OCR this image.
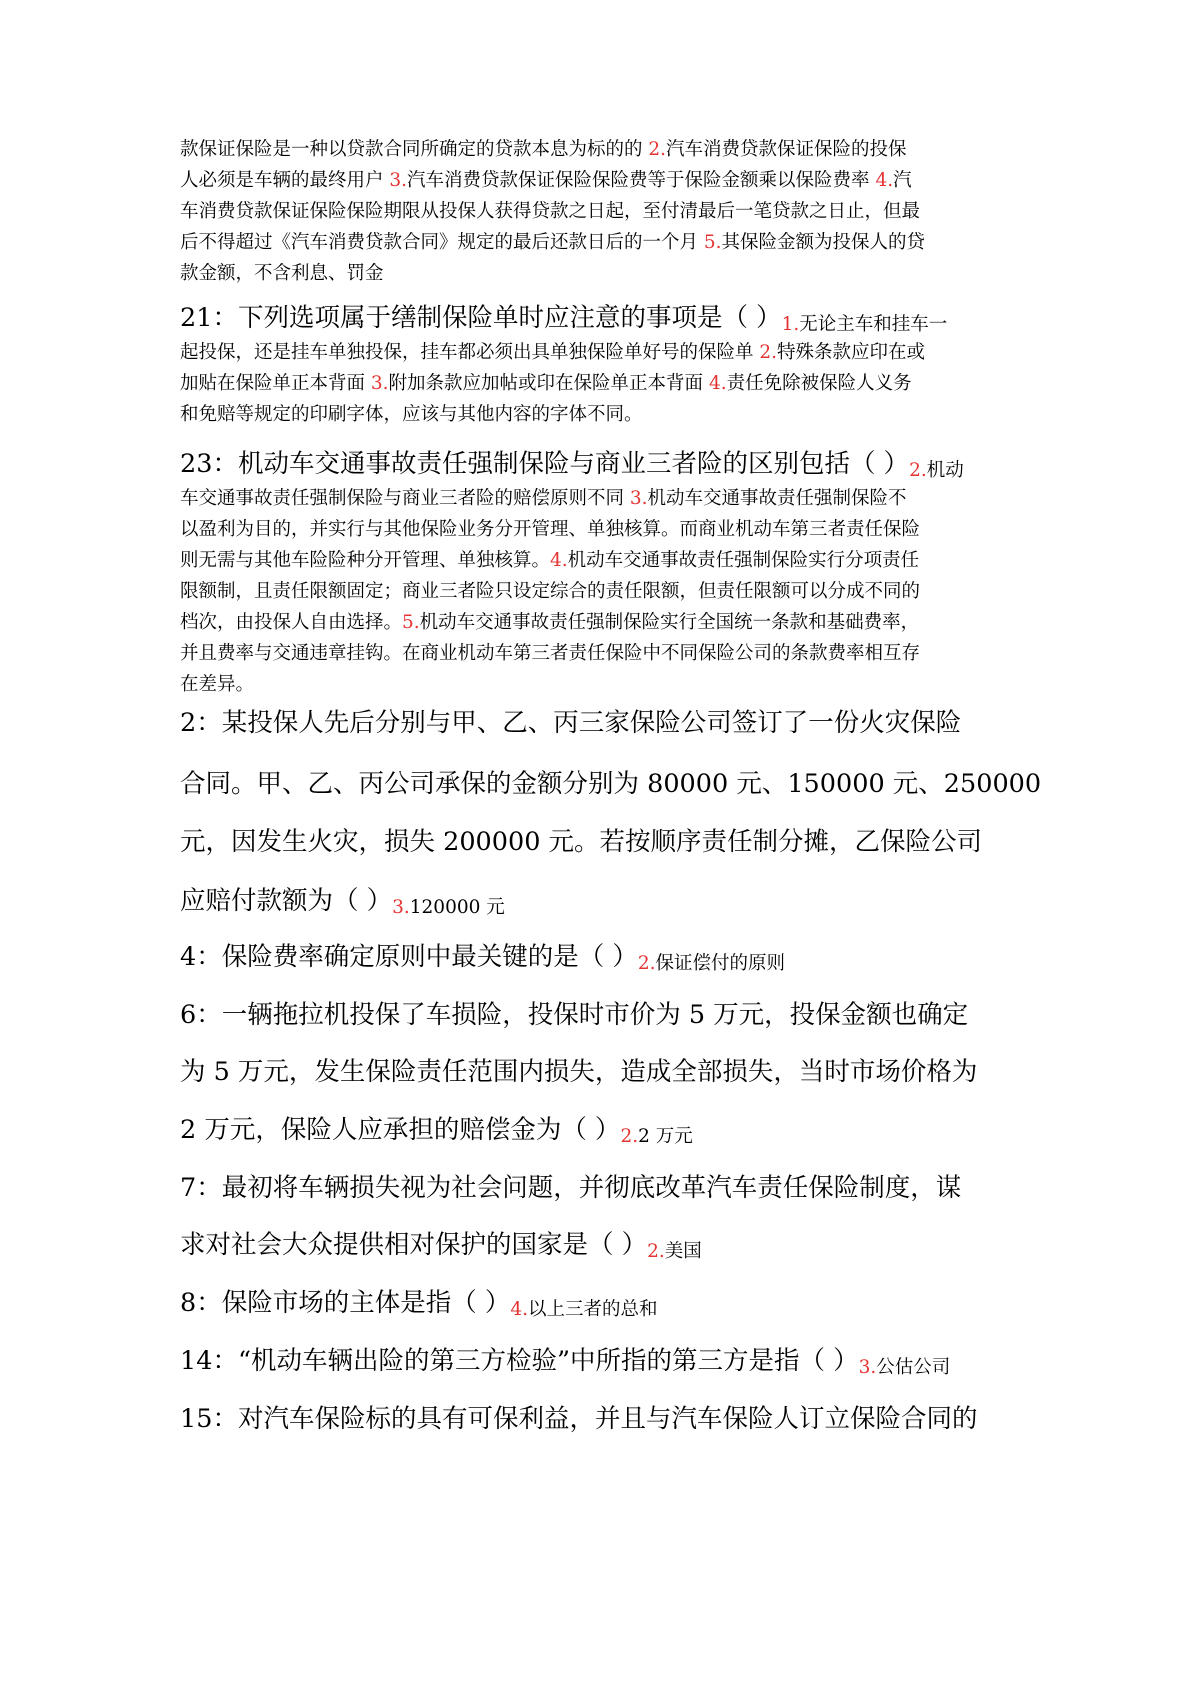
款保证保险是一种以贷款合同所确定的贷款本息为标的的 2.汽车消费贷款保证保险的投保

人必须是车辆的最终用户 3.汽车消费贷款保证保险保险费等于保险金额乘以保险费率 4.汽

车消费贷款保证保险保险期限从投保人获得贷款之日起，至付清最后一笔贷款之日止，但最

后不得超过《汽车消费贷款合同》规定的最后还款日后的一个月 5.其保险金额为投保人的贷

款金额，不含利息、罚金

21：下列选项属于缮制保险单时应注意的事项是（ ）1.无论主车和挂车一

起投保，还是挂车单独投保，挂车都必须出具单独保险单好号的保险单 2.特殊条款应印在或

加贴在保险单正本背面 3.附加条款应加帖或印在保险单正本背面 4.责任免除被保险人义务

和免赔等规定的印刷字体，应该与其他内容的字体不同。

23：机动车交通事故责任强制保险与商业三者险的区别包括（ ）2.机动

车交通事故责任强制保险与商业三者险的赔偿原则不同 3.机动车交通事故责任强制保险不

以盈利为目的，并实行与其他保险业务分开管理、单独核算。而商业机动车第三者责任保险

则无需与其他车险险种分开管理、单独核算。4.机动车交通事故责任强制保险实行分项责任

限额制，且责任限额固定；商业三者险只设定综合的责任限额，但责任限额可以分成不同的

档次，由投保人自由选择。5.机动车交通事故责任强制保险实行全国统一条款和基础费率，

并且费率与交通违章挂钩。在商业机动车第三者责任保险中不同保险公司的条款费率相互存

在差异。

2：某投保人先后分别与甲、乙、丙三家保险公司签订了一份火灾保险
合同。甲、乙、丙公司承保的金额分别为 80000 元、150000 元、250000
元，因发生火灾，损失 200000 元。若按顺序责任制分摊，乙保险公司
应赔付款额为（ ）3.120000 元
4：保险费率确定原则中最关键的是（ ）2.保证偿付的原则
6：一辆拖拉机投保了车损险，投保时市价为 5 万元，投保金额也确定
为 5 万元，发生保险责任范围内损失，造成全部损失，当时市场价格为
2 万元，保险人应承担的赔偿金为（ ）2.2 万元
7：最初将车辆损失视为社会问题，并彻底改革汽车责任保险制度，谋
求对社会大众提供相对保护的国家是（ ）2.美国
8：保险市场的主体是指（ ）4.以上三者的总和
14：“机动车辆出险的第三方检验”中所指的第三方是指（ ）3.公估公司
15：对汽车保险标的具有可保利益，并且与汽车保险人订立保险合同的
